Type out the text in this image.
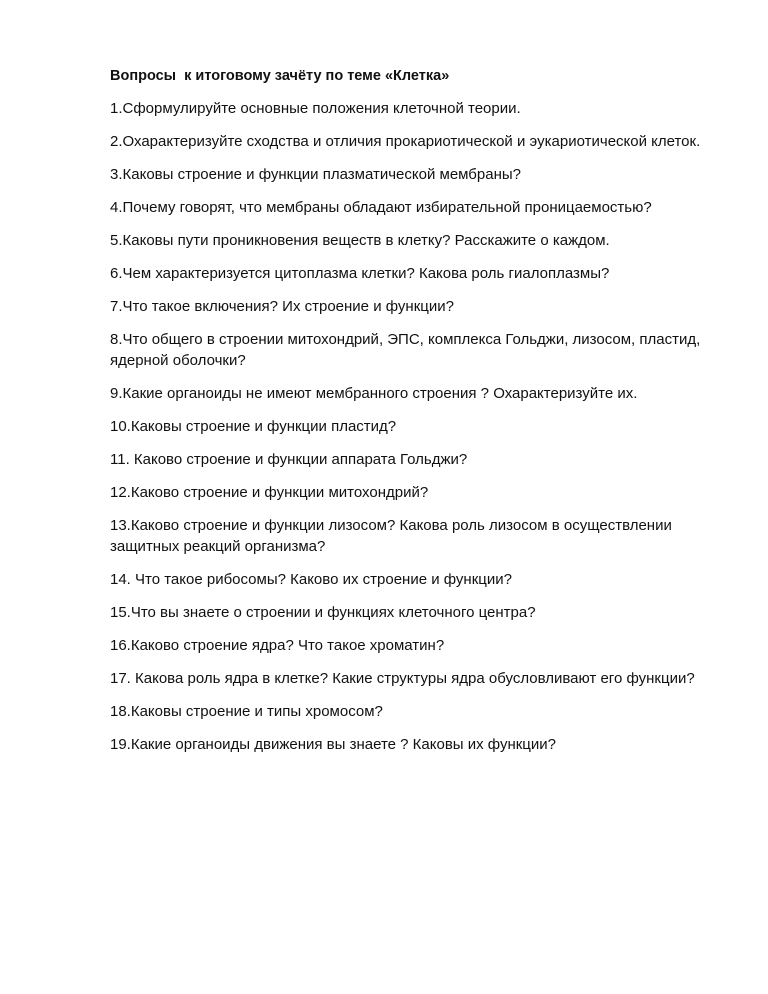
Вопросы  к итоговому зачёту по теме «Клетка»
1.Сформулируйте основные положения клеточной теории.
2.Охарактеризуйте сходства и отличия прокариотической и эукариотической клеток.
3.Каковы строение и функции плазматической мембраны?
4.Почему говорят, что мембраны обладают избирательной проницаемостью?
5.Каковы пути проникновения веществ в клетку? Расскажите о каждом.
6.Чем характеризуется цитоплазма клетки? Какова роль гиалоплазмы?
7.Что такое включения? Их строение и функции?
8.Что общего в строении митохондрий, ЭПС, комплекса Гольджи, лизосом, пластид, ядерной оболочки?
9.Какие органоиды не имеют мембранного строения ? Охарактеризуйте их.
10.Каковы строение и функции пластид?
11. Каково строение и функции аппарата Гольджи?
12.Каково строение и функции митохондрий?
13.Каково строение и функции лизосом? Какова роль лизосом в осуществлении защитных реакций организма?
14. Что такое рибосомы? Каково их строение и функции?
15.Что вы знаете о строении и функциях клеточного центра?
16.Каково строение ядра? Что такое хроматин?
17. Какова роль ядра в клетке? Какие структуры ядра обусловливают его функции?
18.Каковы строение и типы хромосом?
19.Какие органоиды движения вы знаете ? Каковы их функции?
